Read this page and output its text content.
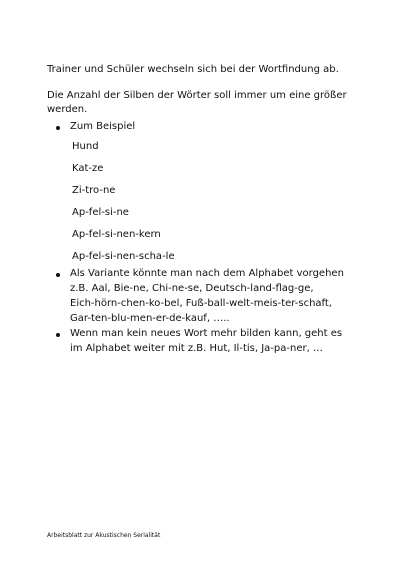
Trainer und Schüler wechseln sich bei der Wortfindung ab.
Die Anzahl der Silben der Wörter soll immer um eine größer werden.
Zum Beispiel
Hund
Kat-ze
Zi-tro-ne
Ap-fel-si-ne
Ap-fel-si-nen-kern
Ap-fel-si-nen-scha-le
Als Variante könnte man nach dem Alphabet vorgehen
z.B. Aal, Bie-ne, Chi-ne-se, Deutsch-land-flag-ge,
Eich-hörn-chen-ko-bel, Fuß-ball-welt-meis-ter-schaft,
Gar-ten-blu-men-er-de-kauf, …..
Wenn man kein neues Wort mehr bilden kann, geht es
im Alphabet weiter mit z.B. Hut, Il-tis, Ja-pa-ner, …
Arbeitsblatt zur Akustischen Serialität
